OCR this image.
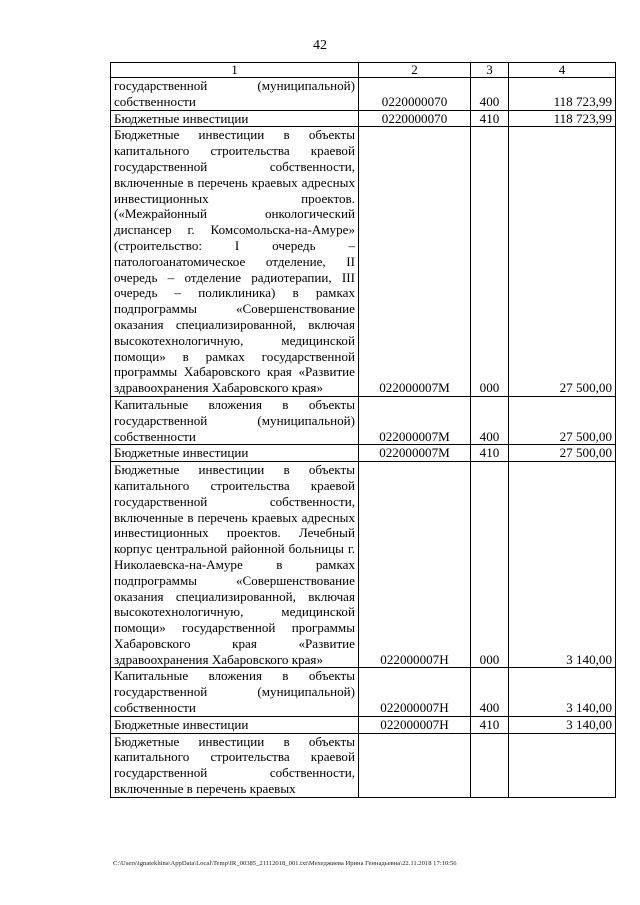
42
1	2	3	4
государственной (муниципальной) собственности	0220000070	400	118 723,99
Бюджетные инвестиции	0220000070	410	118 723,99
Бюджетные инвестиции в объекты капитального строительства краевой государственной собственности, включенные в перечень краевых адресных инвестиционных проектов. («Межрайонный онкологический диспансер г. Комсомольска-на-Амуре» (строительство: I очередь – патологоанатомическое отделение, II очередь – отделение радиотерапии, III очередь – поликлиника) в рамках подпрограммы «Совершенствование оказания специализированной, включая высокотехнологичную, медицинской помощи» в рамках государственной программы Хабаровского края «Развитие здравоохранения Хабаровского края»	022000007М	000	27 500,00
Капитальные вложения в объекты государственной (муниципальной) собственности	022000007М	400	27 500,00
Бюджетные инвестиции	022000007М	410	27 500,00
Бюджетные инвестиции в объекты капитального строительства краевой государственной собственности, включенные в перечень краевых адресных инвестиционных проектов. Лечебный корпус центральной районной больницы г. Николаевска-на-Амуре в рамках подпрограммы «Совершенствование оказания специализированной, включая высокотехнологичную, медицинской помощи» государственной программы Хабаровского края «Развитие здравоохранения Хабаровского края»	022000007Н	000	3 140,00
Капитальные вложения в объекты государственной (муниципальной) собственности	022000007Н	400	3 140,00
Бюджетные инвестиции	022000007Н	410	3 140,00
Бюджетные инвестиции в объекты капитального строительства краевой государственной собственности, включенные в перечень краевых			
C:\Users\ignatekhina\AppData\Local\Temp\IR_00385_21112018_001.txt\Мехеджиева Ирина Геннадьевна\22.11.2018 17:10:56
